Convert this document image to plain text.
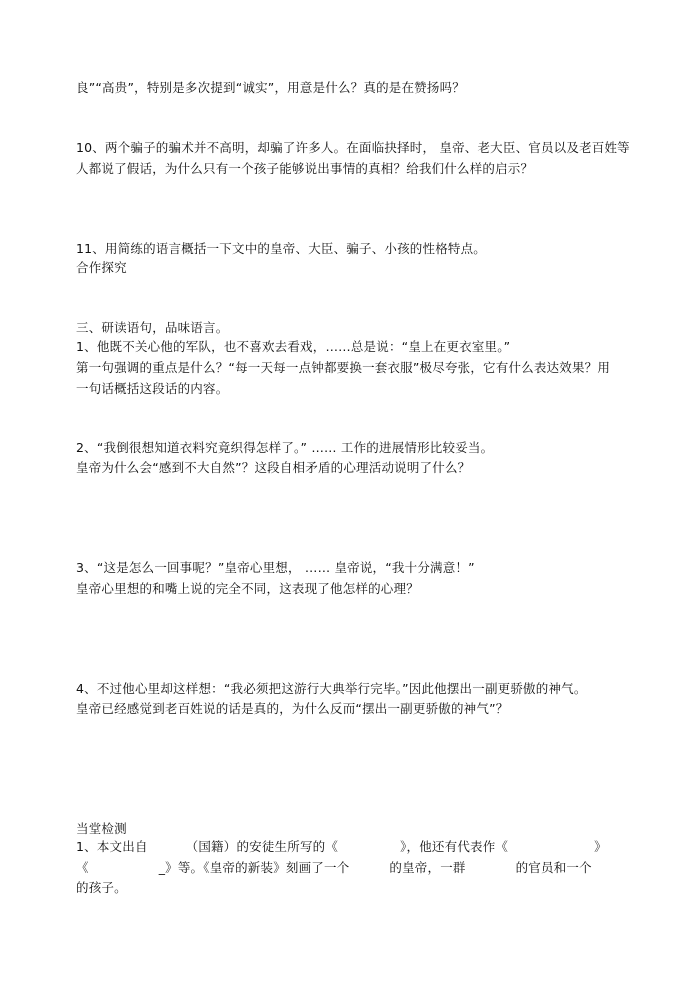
良”“高贵”，特别是多次提到“诚实”，用意是什么？真的是在赞扬吗？
10、两个骗子的骗术并不高明，却骗了许多人。在面临抉择时， 皇帝、老大臣、官员以及老百姓等
人都说了假话，为什么只有一个孩子能够说出事情的真相？给我们什么样的启示？
11、用简练的语言概括一下文中的皇帝、大臣、骗子、小孩的性格特点。
合作探究
三、研读语句，品味语言。
1、他既不关心他的军队，也不喜欢去看戏，……总是说：“皇上在更衣室里。”
第一句强调的重点是什么？“每一天每一点钟都要换一套衣服”极尽夸张，它有什么表达效果？用
一句话概括这段话的内容。
2、“我倒很想知道衣料究竟织得怎样了。” …… 工作的进展情形比较妥当。
皇帝为什么会“感到不大自然”？这段自相矛盾的心理活动说明了什么？
3、“这是怎么一回事呢？”皇帝心里想， …… 皇帝说，“我十分满意！”
皇帝心里想的和嘴上说的完全不同，这表现了他怎样的心理？
4、不过他心里却这样想：“我必须把这游行大典举行完毕。”因此他摆出一副更骄傲的神气。
皇帝已经感觉到老百姓说的话是真的，为什么反而“摆出一副更骄傲的神气”？
当堂检测
1、本文出自	（国籍）的安徒生所写的《	》，他还有代表作《	》
《	_》等。《皇帝的新装》刻画了一个	的皇帝，一群	的官员和一个
的孩子。
